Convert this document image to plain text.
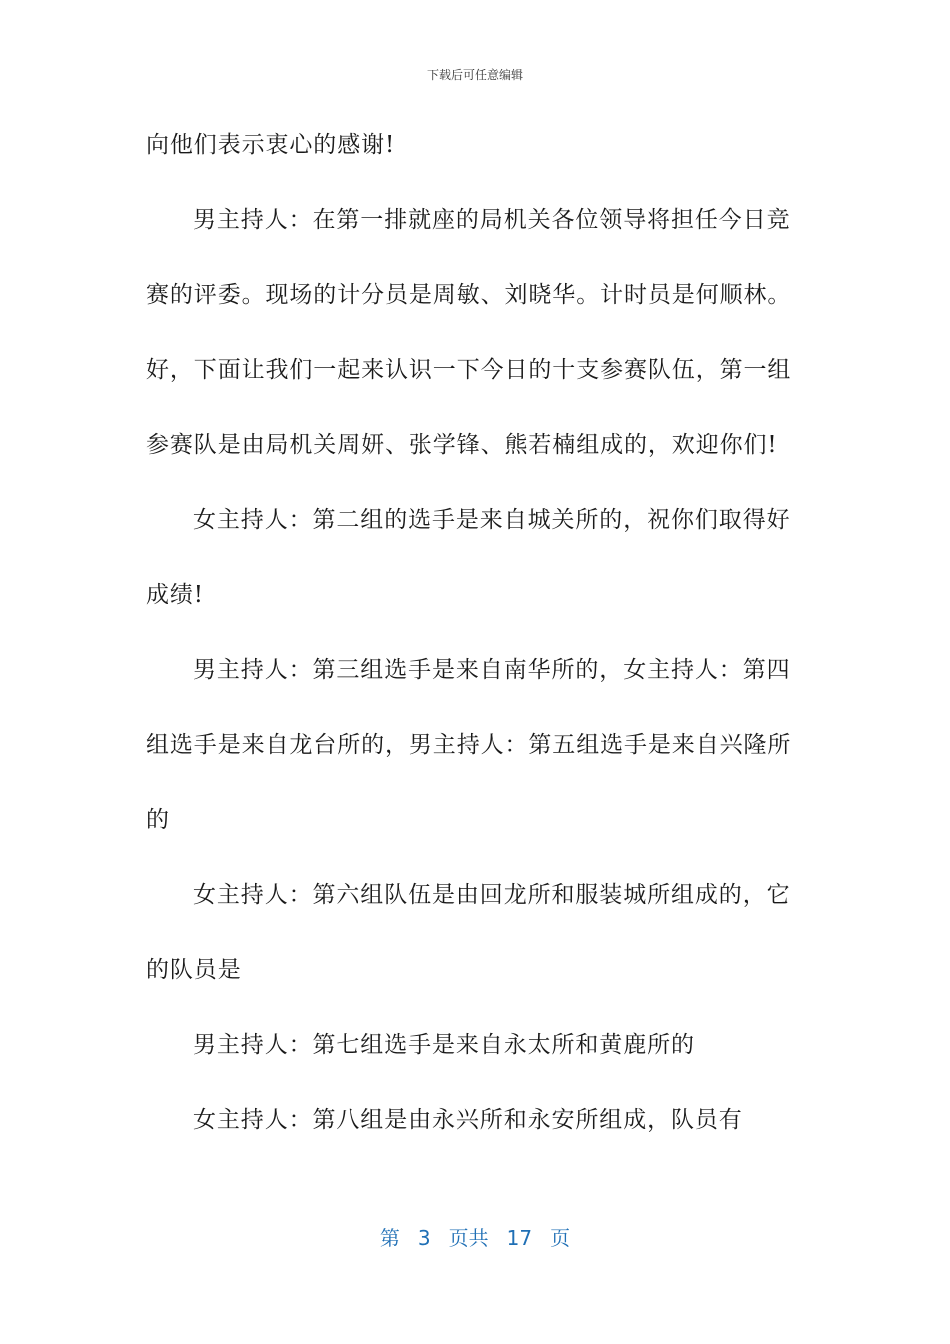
下载后可任意编辑
向他们表示衷心的感谢!
男主持人：在第一排就座的局机关各位领导将担任今日竞
赛的评委。现场的计分员是周敏、刘晓华。计时员是何顺林。
好，下面让我们一起来认识一下今日的十支参赛队伍，第一组
参赛队是由局机关周妍、张学锋、熊若楠组成的，欢迎你们!
女主持人：第二组的选手是来自城关所的，祝你们取得好
成绩!
男主持人：第三组选手是来自南华所的，女主持人：第四
组选手是来自龙台所的，男主持人：第五组选手是来自兴隆所
的
女主持人：第六组队伍是由回龙所和服装城所组成的，它
的队员是
男主持人：第七组选手是来自永太所和黄鹿所的
女主持人：第八组是由永兴所和永安所组成，队员有
第 3 页共 17 页
